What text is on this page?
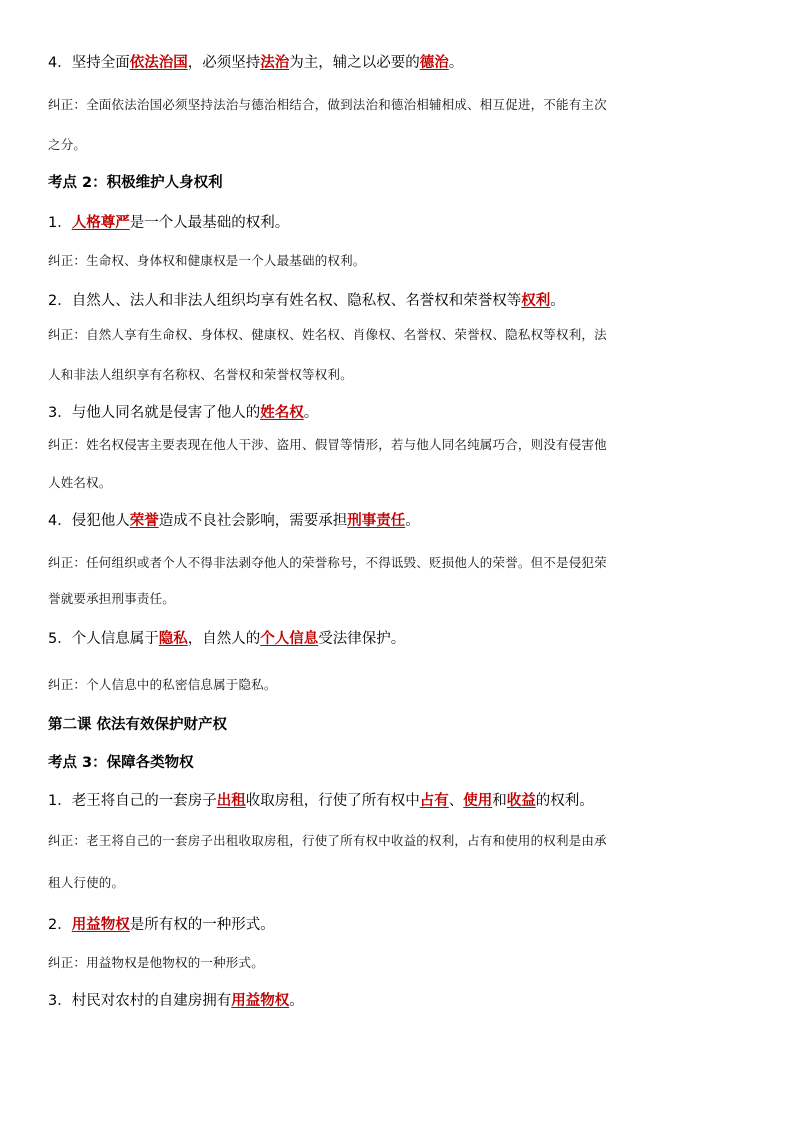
4．坚持全面依法治国，必须坚持法治为主，辅之以必要的德治。
纠正：全面依法治国必须坚持法治与德治相结合，做到法治和德治相辅相成、相互促进，不能有主次
之分。
考点 2：积极维护人身权利
1．人格尊严是一个人最基础的权利。
纠正：生命权、身体权和健康权是一个人最基础的权利。
2．自然人、法人和非法人组织均享有姓名权、隐私权、名誉权和荣誉权等权利。
纠正：自然人享有生命权、身体权、健康权、姓名权、肖像权、名誉权、荣誉权、隐私权等权利，法
人和非法人组织享有名称权、名誉权和荣誉权等权利。
3．与他人同名就是侵害了他人的姓名权。
纠正：姓名权侵害主要表现在他人干涉、盗用、假冒等情形，若与他人同名纯属巧合，则没有侵害他
人姓名权。
4．侵犯他人荣誉造成不良社会影响，需要承担刑事责任。
纠正：任何组织或者个人不得非法剥夺他人的荣誉称号，不得诋毁、贬损他人的荣誉。但不是侵犯荣
誉就要承担刑事责任。
5．个人信息属于隐私，自然人的个人信息受法律保护。
纠正：个人信息中的私密信息属于隐私。
第二课 依法有效保护财产权
考点 3：保障各类物权
1．老王将自己的一套房子出租收取房租，行使了所有权中占有、使用和收益的权利。
纠正：老王将自己的一套房子出租收取房租，行使了所有权中收益的权利，占有和使用的权利是由承
租人行使的。
2．用益物权是所有权的一种形式。
纠正：用益物权是他物权的一种形式。
3．村民对农村的自建房拥有用益物权。
